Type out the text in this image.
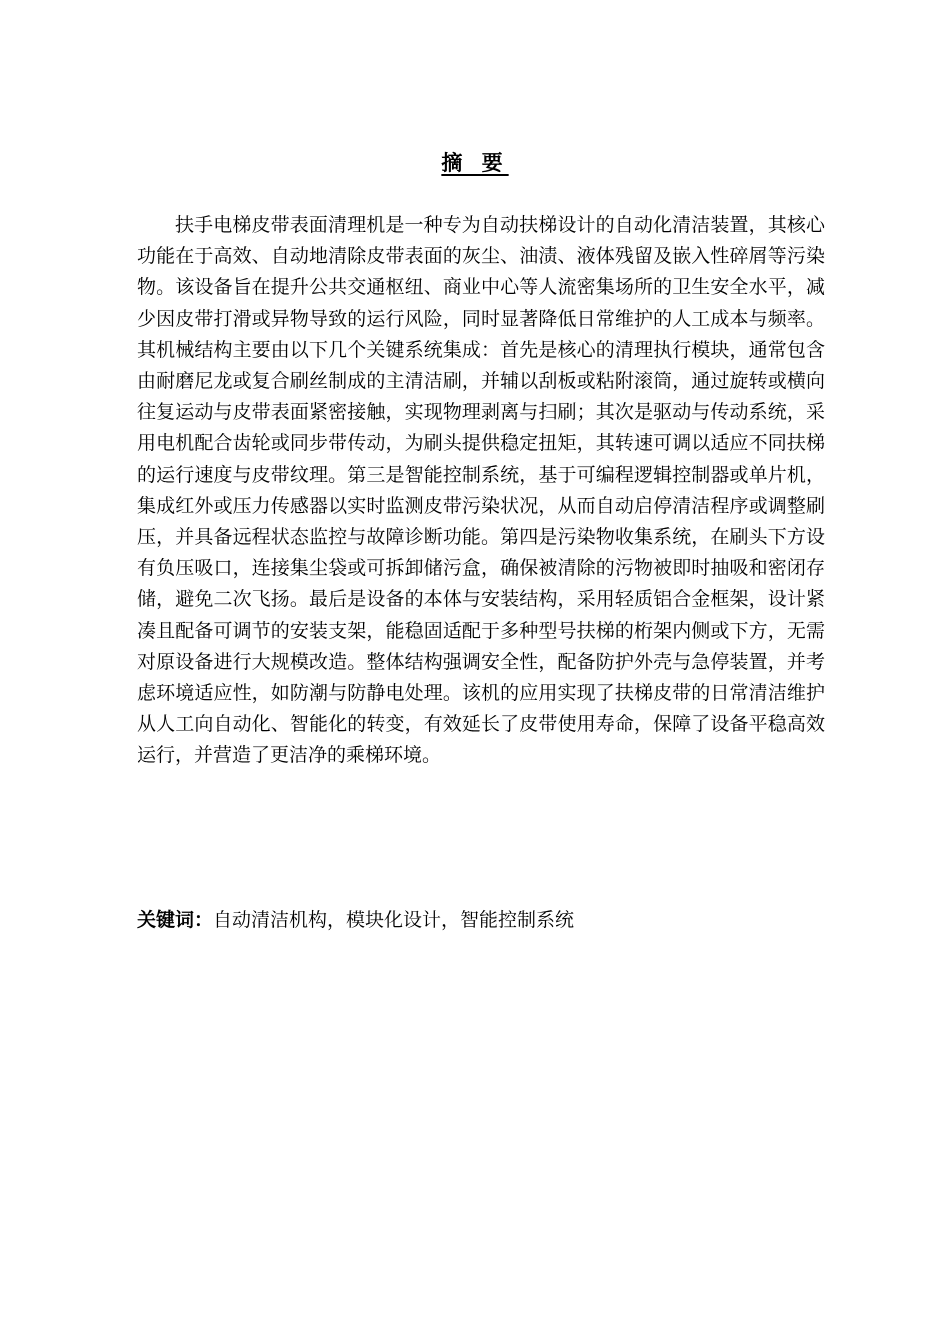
摘 要

扶手电梯皮带表面清理机是一种专为自动扶梯设计的自动化清洁装置，其核心功能在于高效、自动地清除皮带表面的灰尘、油渍、液体残留及嵌入性碎屑等污染物。该设备旨在提升公共交通枢纽、商业中心等人流密集场所的卫生安全水平，减少因皮带打滑或异物导致的运行风险，同时显著降低日常维护的人工成本与频率。其机械结构主要由以下几个关键系统集成：首先是核心的清理执行模块，通常包含由耐磨尼龙或复合刷丝制成的主清洁刷，并辅以刮板或粘附滚筒，通过旋转或横向往复运动与皮带表面紧密接触，实现物理剥离与扫刷；其次是驱动与传动系统，采用电机配合齿轮或同步带传动，为刷头提供稳定扭矩，其转速可调以适应不同扶梯的运行速度与皮带纹理。第三是智能控制系统，基于可编程逻辑控制器或单片机，集成红外或压力传感器以实时监测皮带污染状况，从而自动启停清洁程序或调整刷压，并具备远程状态监控与故障诊断功能。第四是污染物收集系统，在刷头下方设有负压吸口，连接集尘袋或可拆卸储污盒，确保被清除的污物被即时抽吸和密闭存储，避免二次飞扬。最后是设备的本体与安装结构，采用轻质铝合金框架，设计紧凑且配备可调节的安装支架，能稳固适配于多种型号扶梯的桁架内侧或下方，无需对原设备进行大规模改造。整体结构强调安全性，配备防护外壳与急停装置，并考虑环境适应性，如防潮与防静电处理。该机的应用实现了扶梯皮带的日常清洁维护从人工向自动化、智能化的转变，有效延长了皮带使用寿命，保障了设备平稳高效运行，并营造了更洁净的乘梯环境。

关键词：自动清洁机构，模块化设计，智能控制系统
